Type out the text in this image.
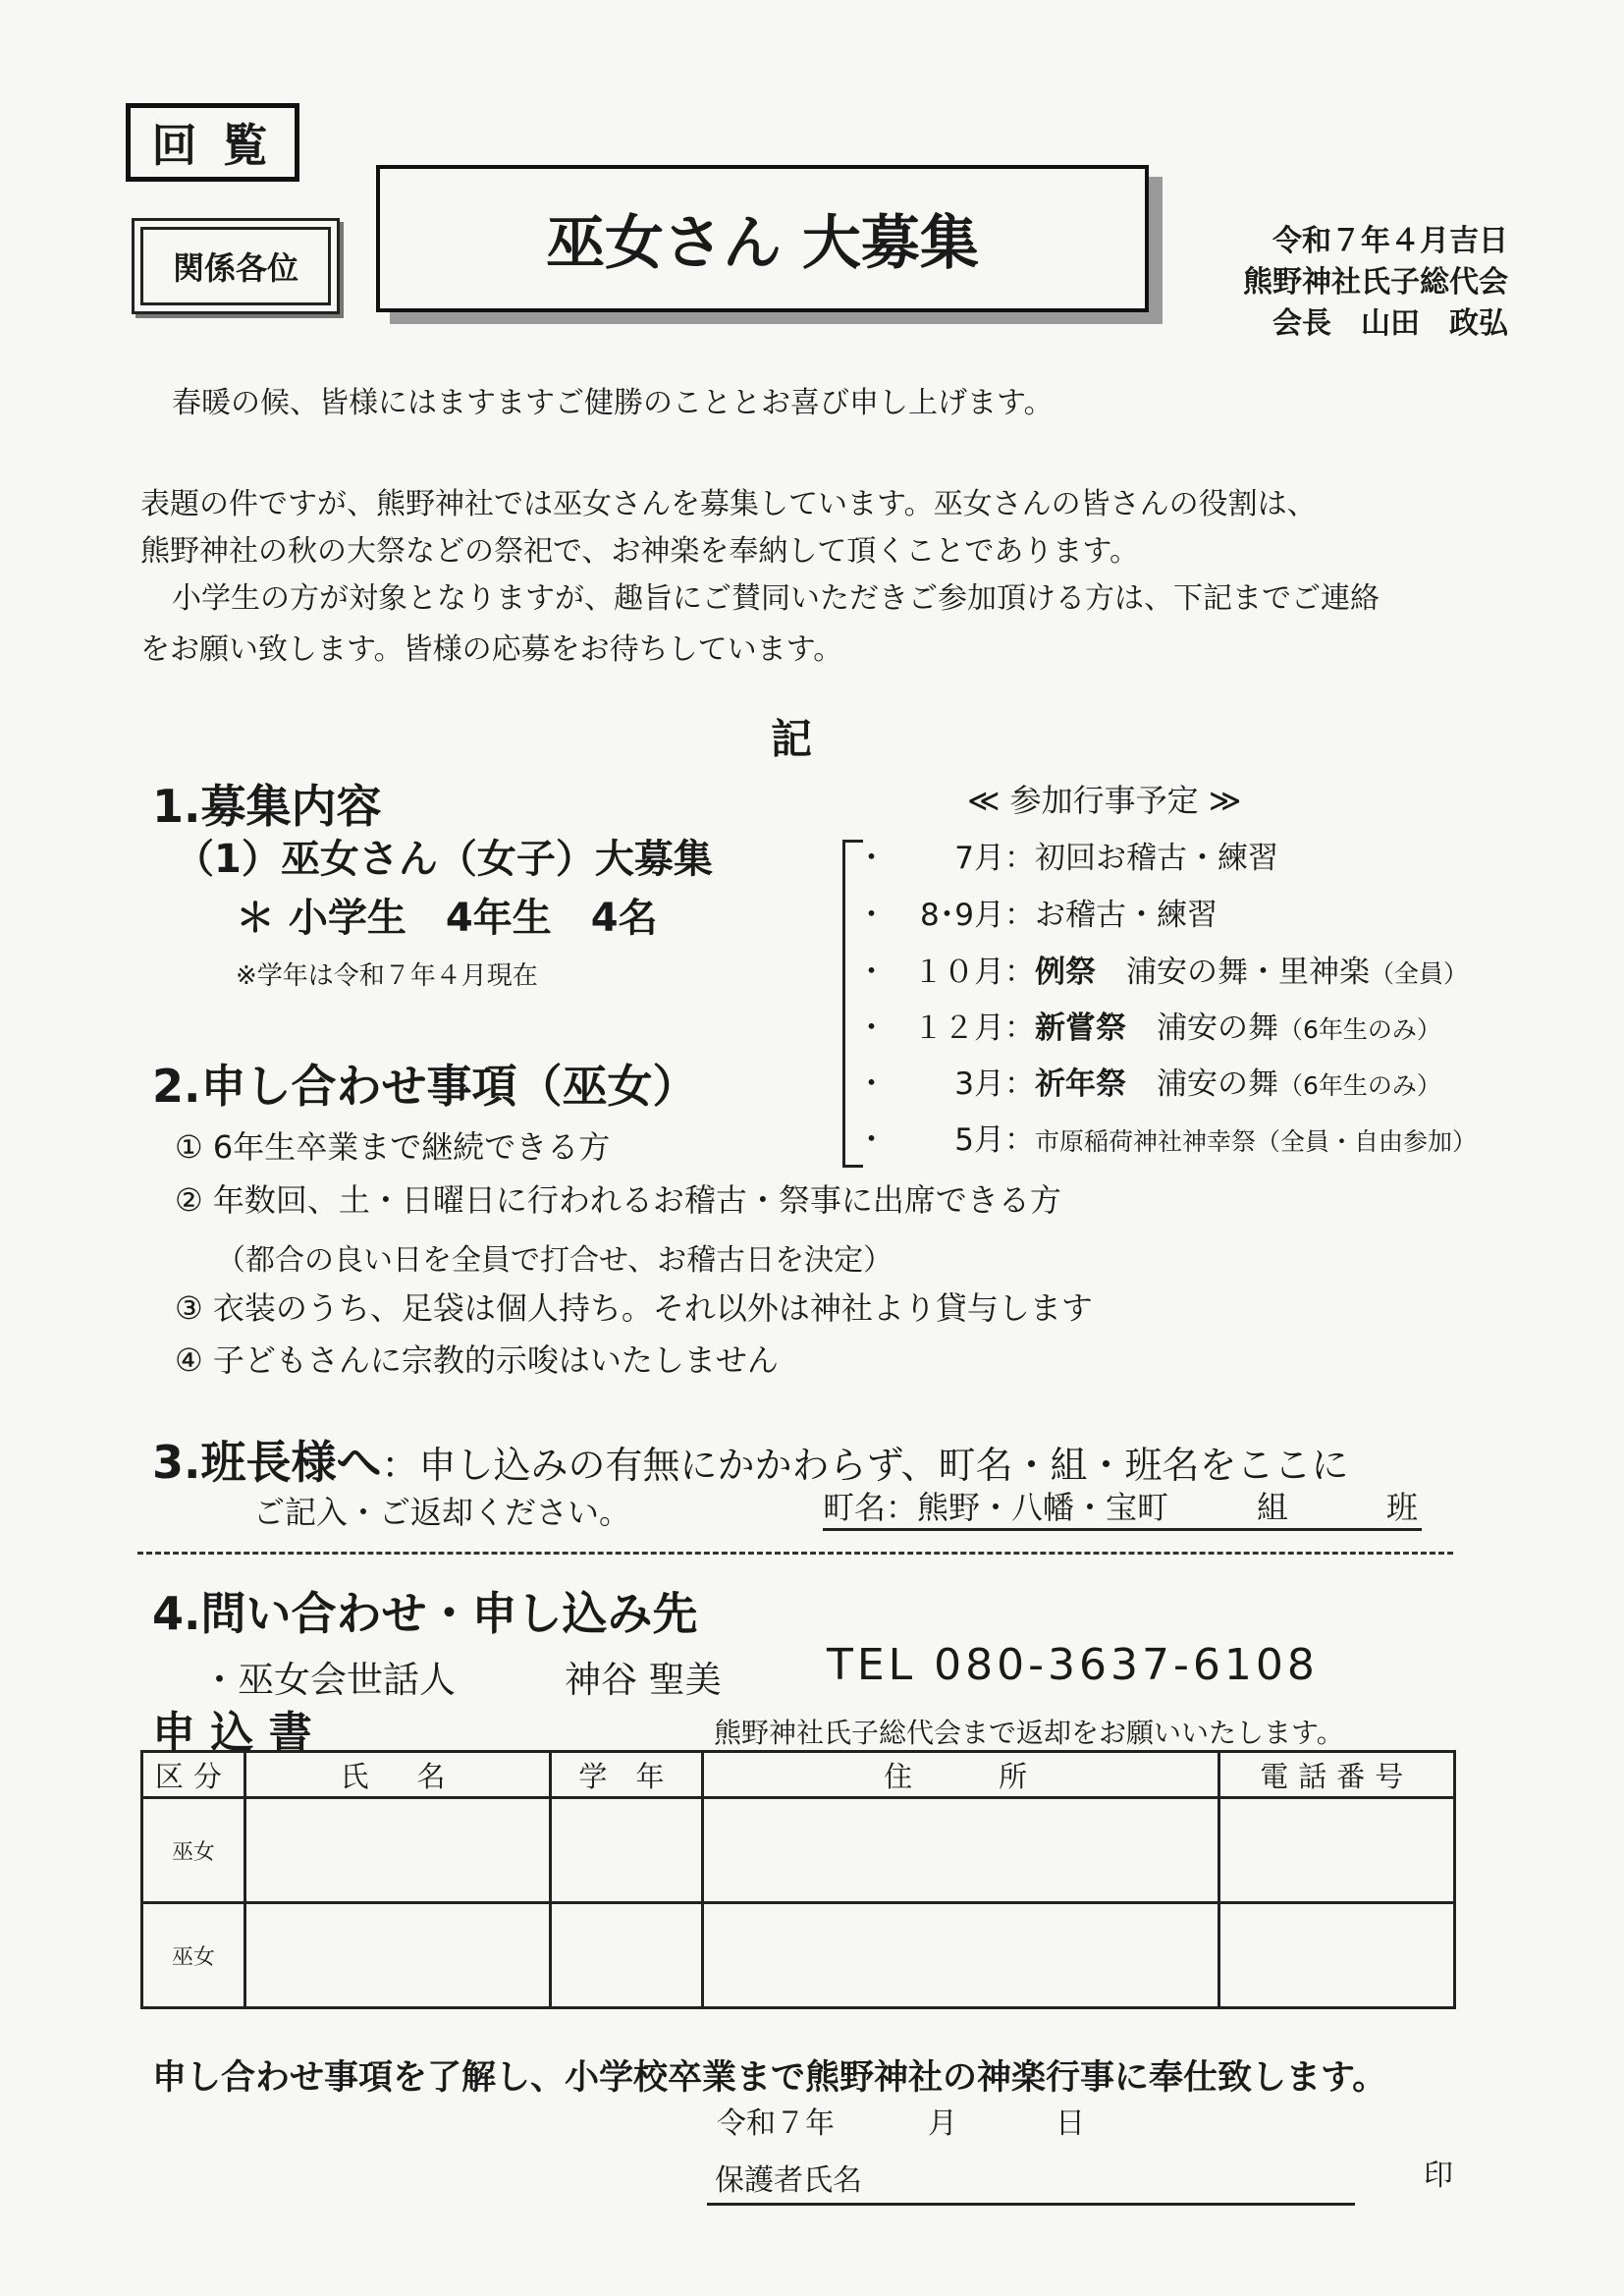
回覧
関係各位	巫女さん 大募集	令和７年４月吉日
熊野神社氏子総代会
会長　山田　政弘
春暖の候、皆様にはますますご健勝のこととお喜び申し上げます。
表題の件ですが、熊野神社では巫女さんを募集しています。巫女さんの皆さんの役割は、
熊野神社の秋の大祭などの祭祀で、お神楽を奉納して頂くことであります。
小学生の方が対象となりますが、趣旨にご賛同いただきご参加頂ける方は、下記までご連絡
をお願い致します。皆様の応募をお待ちしています。
記
1.募集内容
（1）巫女さん（女子）大募集
＊ 小学生　4年生　4名
※学年は令和７年４月現在
≪ 参加行事予定 ≫
・	7月： 初回お稽古・練習
・	8･9月： お稽古・練習
・ １０月： 例祭　浦安の舞・里神楽（全員）
・ １２月： 新嘗祭　浦安の舞（6年生のみ）
・	3月： 祈年祭　浦安の舞（6年生のみ）
・	5月： 市原稲荷神社神幸祭（全員・自由参加）
2.申し合わせ事項（巫女）
① 6年生卒業まで継続できる方
② 年数回、土・日曜日に行われるお稽古・祭事に出席できる方
（都合の良い日を全員で打合せ、お稽古日を決定）
③ 衣装のうち、足袋は個人持ち。それ以外は神社より貸与します
④ 子どもさんに宗教的示唆はいたしません
3.班長様へ ：申し込みの有無にかかわらず、町名・組・班名をここに
ご記入・ご返却ください。	町名：熊野・八幡・宝町	組	班
4.問い合わせ・申し込み先
・巫女会世話人	神谷 聖美 TEL 080-3637-6108
申 込 書	熊野神社氏子総代会まで返却をお願いいたします。
区分	氏　名	学 年	住　　所	電話番号
巫女				
巫女				
申し合わせ事項を了解し、小学校卒業まで熊野神社の神楽行事に奉仕致します。
令和７年	月	日
保護者氏名	印
